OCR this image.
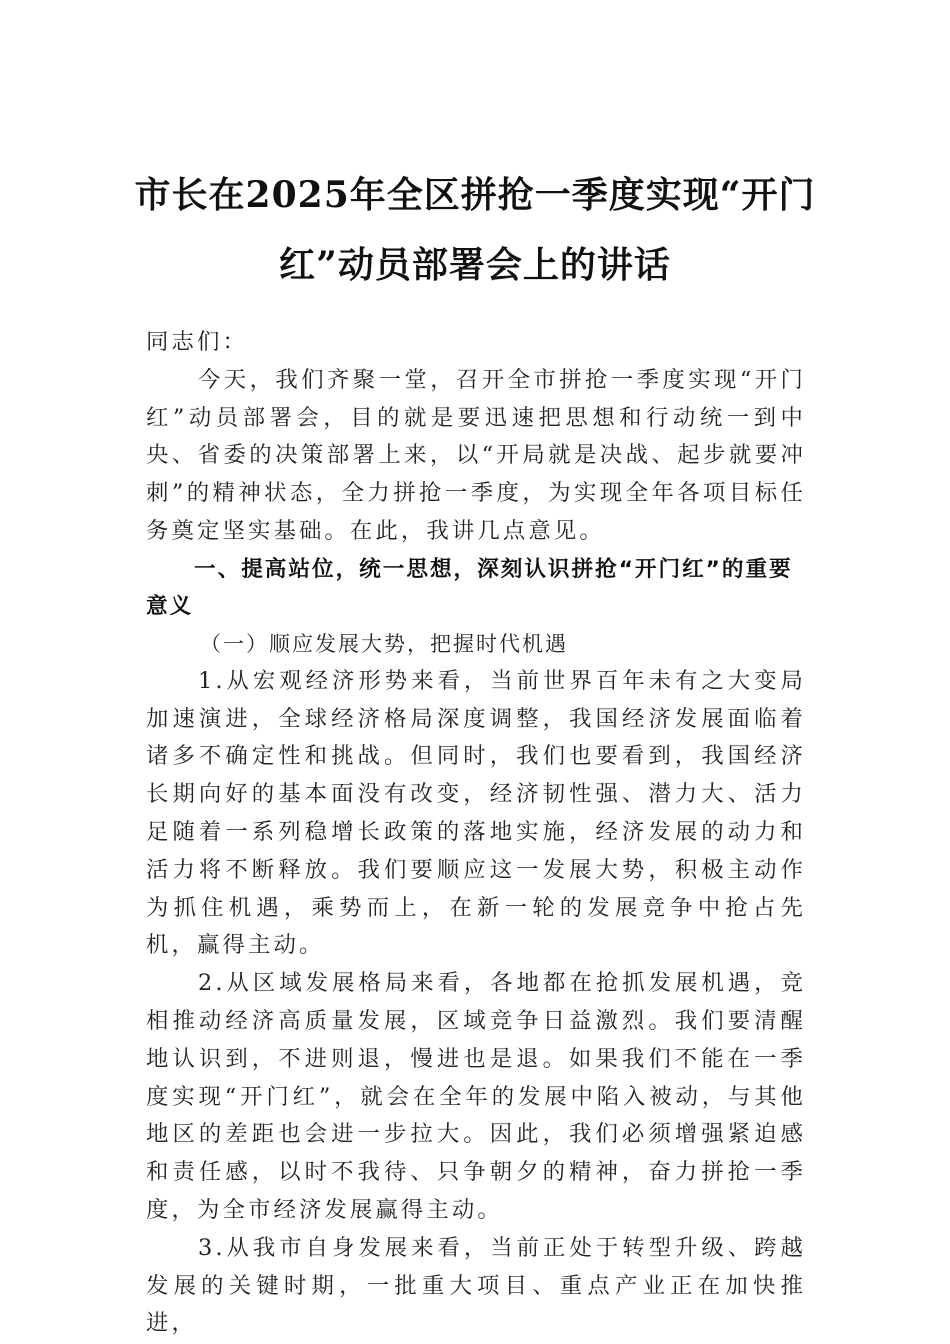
市长在2025年全区拼抢一季度实现“开门
红”动员部署会上的讲话

同志们：

今天，我们齐聚一堂，召开全市拼抢一季度实现“开门红”动员部署会，目的就是要迅速把思想和行动统一到中央、省委的决策部署上来，以“开局就是决战、起步就要冲刺”的精神状态，全力拼抢一季度，为实现全年各项目标任务奠定坚实基础。在此，我讲几点意见。

一、提高站位，统一思想，深刻认识拼抢“开门红”的重要意义

（一）顺应发展大势，把握时代机遇

1.从宏观经济形势来看，当前世界百年未有之大变局加速演进，全球经济格局深度调整，我国经济发展面临着诸多不确定性和挑战。但同时，我们也要看到，我国经济长期向好的基本面没有改变，经济韧性强、潜力大、活力足随着一系列稳增长政策的落地实施，经济发展的动力和活力将不断释放。我们要顺应这一发展大势，积极主动作为抓住机遇，乘势而上，在新一轮的发展竞争中抢占先机，赢得主动。

2.从区域发展格局来看，各地都在抢抓发展机遇，竞相推动经济高质量发展，区域竞争日益激烈。我们要清醒地认识到，不进则退，慢进也是退。如果我们不能在一季度实现“开门红”，就会在全年的发展中陷入被动，与其他地区的差距也会进一步拉大。因此，我们必须增强紧迫感和责任感，以时不我待、只争朝夕的精神，奋力拼抢一季度，为全市经济发展赢得主动。

3.从我市自身发展来看，当前正处于转型升级、跨越发展的关键时期，一批重大项目、重点产业正在加快推进，
